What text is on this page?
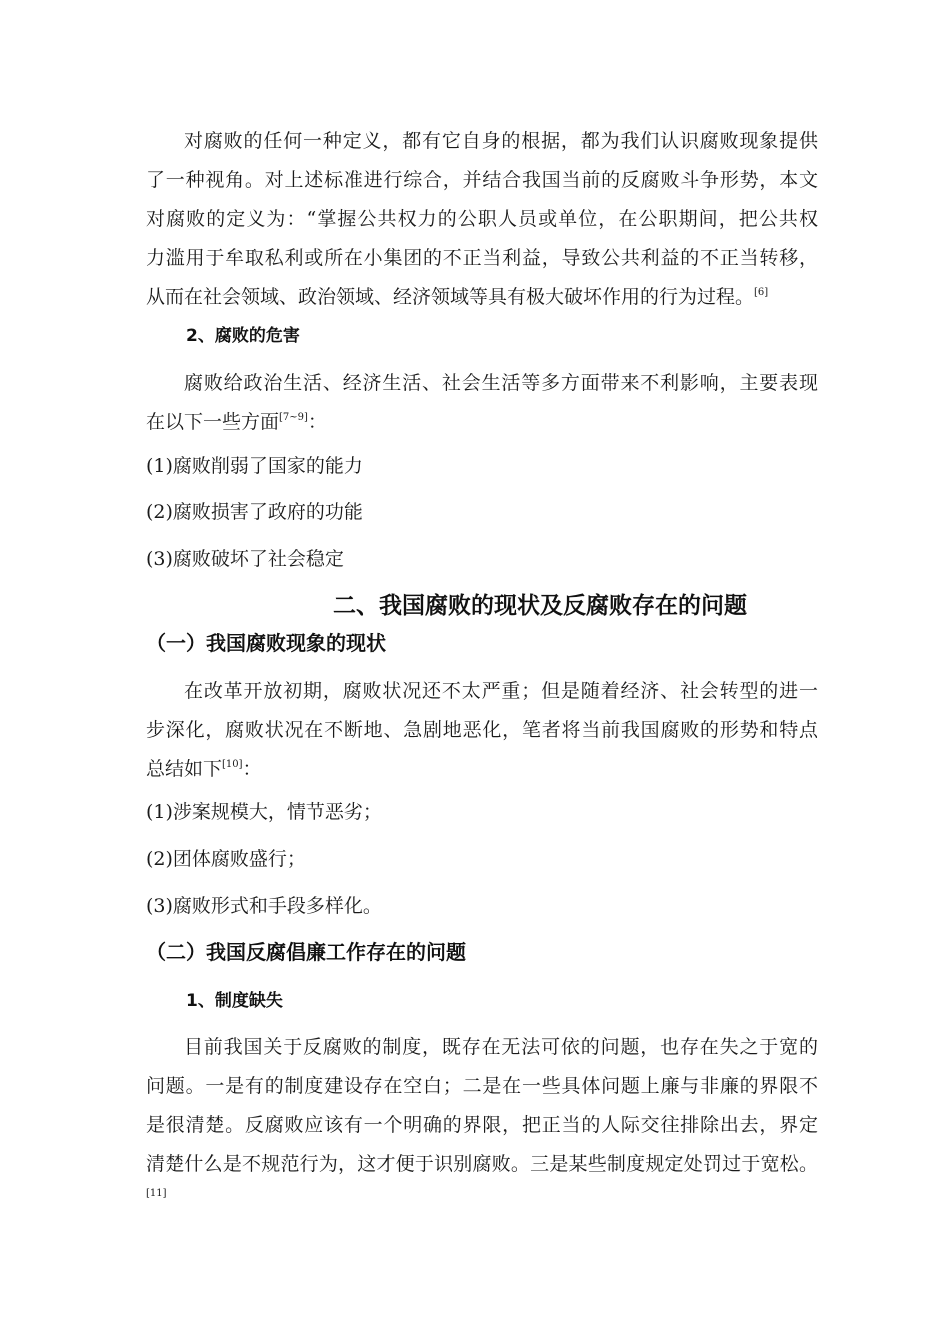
对腐败的任何一种定义，都有它自身的根据，都为我们认识腐败现象提供
了一种视角。对上述标准进行综合，并结合我国当前的反腐败斗争形势，本文
对腐败的定义为：“掌握公共权力的公职人员或单位，在公职期间，把公共权
力滥用于牟取私利或所在小集团的不正当利益，导致公共利益的不正当转移，
从而在社会领域、政治领域、经济领域等具有极大破坏作用的行为过程。[6]
2、腐败的危害
腐败给政治生活、经济生活、社会生活等多方面带来不利影响，主要表现
在以下一些方面[7~9]：
(1)腐败削弱了国家的能力
(2)腐败损害了政府的功能
(3)腐败破坏了社会稳定
二、我国腐败的现状及反腐败存在的问题
（一）我国腐败现象的现状
在改革开放初期，腐败状况还不太严重；但是随着经济、社会转型的进一
步深化，腐败状况在不断地、急剧地恶化，笔者将当前我国腐败的形势和特点
总结如下[10]：
(1)涉案规模大，情节恶劣；
(2)团体腐败盛行；
(3)腐败形式和手段多样化。
（二）我国反腐倡廉工作存在的问题
1、制度缺失
目前我国关于反腐败的制度，既存在无法可依的问题，也存在失之于宽的
问题。一是有的制度建设存在空白；二是在一些具体问题上廉与非廉的界限不
是很清楚。反腐败应该有一个明确的界限，把正当的人际交往排除出去，界定
清楚什么是不规范行为，这才便于识别腐败。三是某些制度规定处罚过于宽松。
[11]
